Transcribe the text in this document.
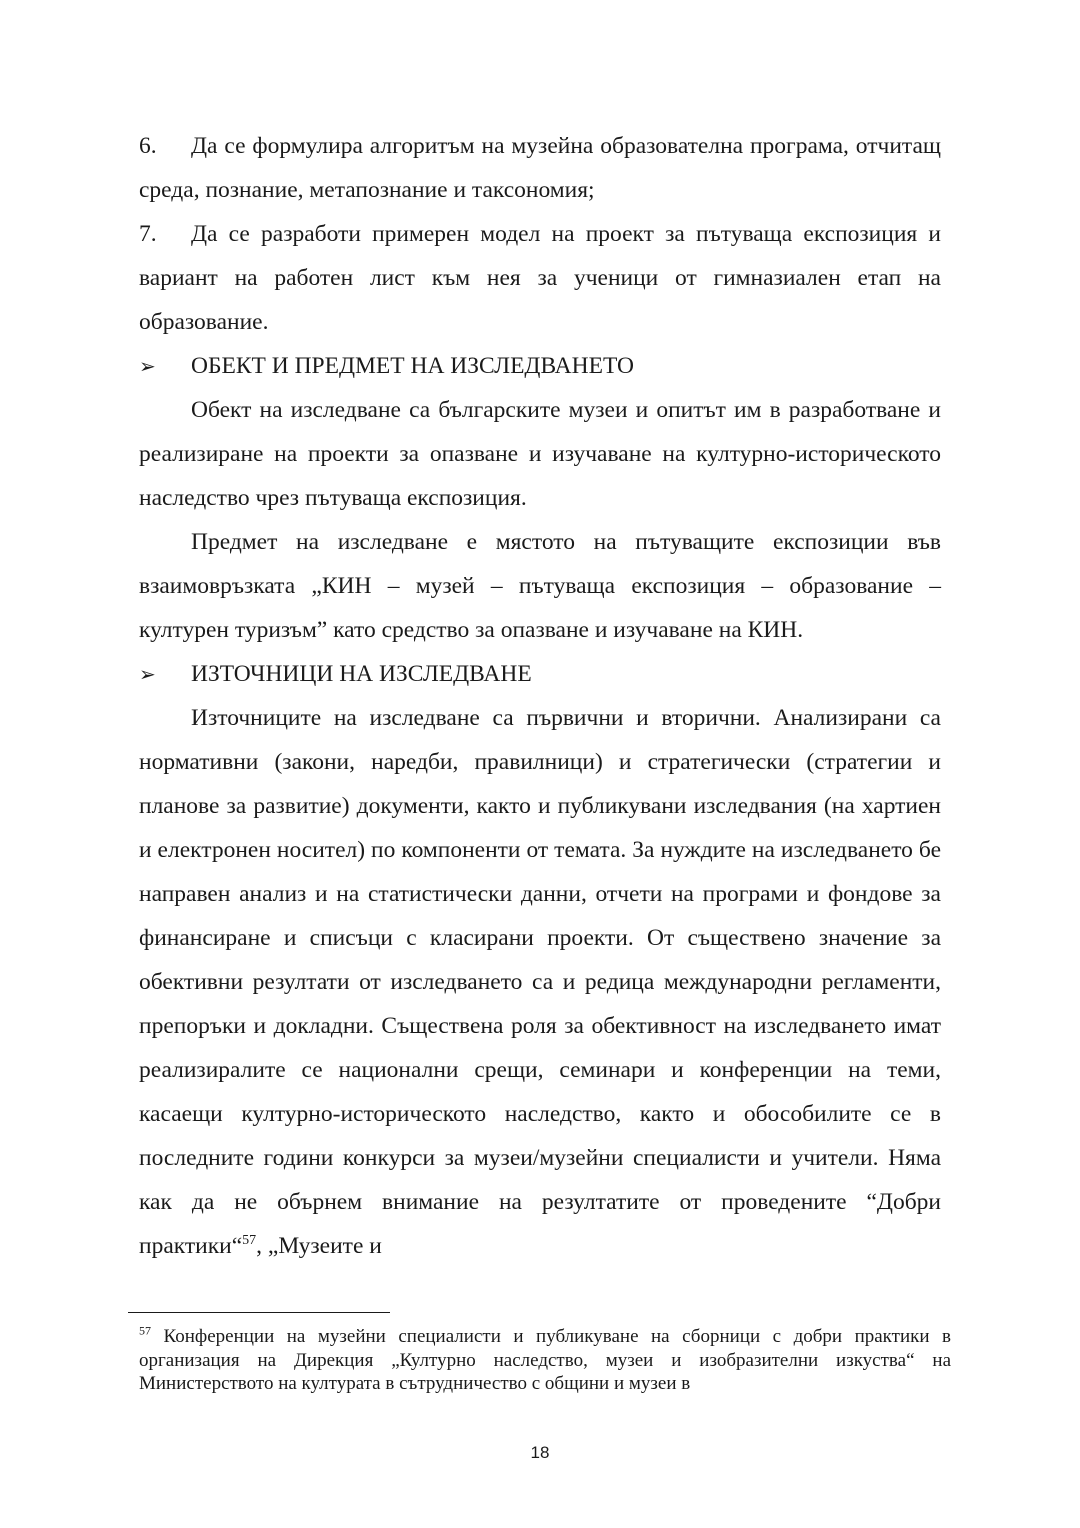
6. Да се формулира алгоритъм на музейна образователна програма, отчитащ среда, познание, метапознание и таксономия;

7. Да се разработи примерен модел на проект за пътуваща експозиция и вариант на работен лист към нея за ученици от гимназиален етап на образование.

➢	ОБЕКТ И ПРЕДМЕТ НА ИЗСЛЕДВАНЕТО

Обект на изследване са българските музеи и опитът им в разработване и реализиране на проекти за опазване и изучаване на културно-историческото наследство чрез пътуваща експозиция.

Предмет на изследване е мястото на пътуващите експозиции във взаимовръзката „КИН – музей – пътуваща експозиция – образование – културен туризъм” като средство за опазване и изучаване на КИН.

➢	ИЗТОЧНИЦИ НА ИЗСЛЕДВАНЕ

Източниците на изследване са първични и вторични. Анализирани са нормативни (закони, наредби, правилници) и стратегически (стратегии и планове за развитие) документи, както и публикувани изследвания (на хартиен и електронен носител) по компоненти от темата. За нуждите на изследването бе направен анализ и на статистически данни, отчети на програми и фондове за финансиране и списъци с класирани проекти. От съществено значение за обективни резултати от изследването са и редица международни регламенти, препоръки и докладни. Съществена роля за обективност на изследването имат реализиралите се национални срещи, семинари и конференции на теми, касаещи културно-историческото наследство, както и обособилите се в последните години конкурси за музеи/музейни специалисти и учители. Няма как да не обърнем внимание на резултатите от проведените “Добри практики“$^{57}$, „Музеите и

$^{57}$ Конференции на музейни специалисти и публикуване на сборници с добри практики в организация на Дирекция „Културно наследство, музеи и изобразителни изкуства“ на Министерството на културата в сътрудничество с общини и музеи в

18
